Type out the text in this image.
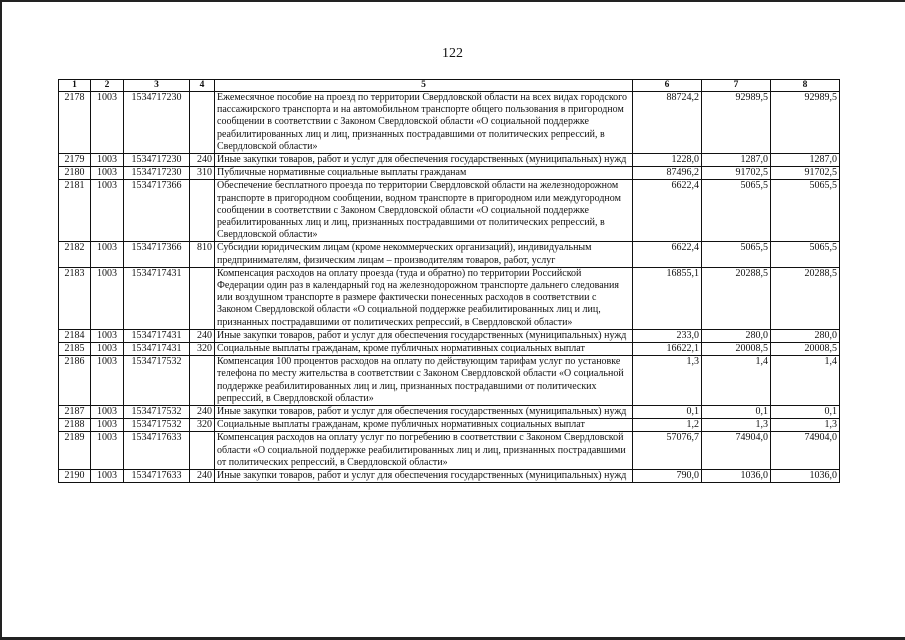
122
1	2	3	4	5	6	7	8
2178	1003	1534717230		Ежемесячное пособие на проезд по территории Свердловской области на всех видах городского пассажирского транспорта и на автомобильном транспорте общего пользования в пригородном сообщении в соответствии с Законом Свердловской области «О социальной поддержке реабилитированных лиц и лиц, признанных пострадавшими от политических репрессий, в Свердловской области»	88724,2	92989,5	92989,5
2179	1003	1534717230	240	Иные закупки товаров, работ и услуг для обеспечения государственных (муниципальных) нужд	1228,0	1287,0	1287,0
2180	1003	1534717230	310	Публичные нормативные социальные выплаты гражданам	87496,2	91702,5	91702,5
2181	1003	1534717366		Обеспечение бесплатного проезда по территории Свердловской области на железнодорожном транспорте в пригородном сообщении, водном транспорте в пригородном или междугородном сообщении в соответствии с Законом Свердловской области «О социальной поддержке реабилитированных лиц и лиц, признанных пострадавшими от политических репрессий, в Свердловской области»	6622,4	5065,5	5065,5
2182	1003	1534717366	810	Субсидии юридическим лицам (кроме некоммерческих организаций), индивидуальным предпринимателям, физическим лицам – производителям товаров, работ, услуг	6622,4	5065,5	5065,5
2183	1003	1534717431		Компенсация расходов на оплату проезда (туда и обратно) по территории Российской Федерации один раз в календарный год на железнодорожном транспорте дальнего следования или воздушном транспорте в размере фактически понесенных расходов в соответствии с Законом Свердловской области «О социальной поддержке реабилитированных лиц и лиц, признанных пострадавшими от политических репрессий, в Свердловской области»	16855,1	20288,5	20288,5
2184	1003	1534717431	240	Иные закупки товаров, работ и услуг для обеспечения государственных (муниципальных) нужд	233,0	280,0	280,0
2185	1003	1534717431	320	Социальные выплаты гражданам, кроме публичных нормативных социальных выплат	16622,1	20008,5	20008,5
2186	1003	1534717532		Компенсация 100 процентов расходов на оплату по действующим тарифам услуг по установке телефона по месту жительства в соответствии с Законом Свердловской области «О социальной поддержке реабилитированных лиц и лиц, признанных пострадавшими от политических репрессий, в Свердловской области»	1,3	1,4	1,4
2187	1003	1534717532	240	Иные закупки товаров, работ и услуг для обеспечения государственных (муниципальных) нужд	0,1	0,1	0,1
2188	1003	1534717532	320	Социальные выплаты гражданам, кроме публичных нормативных социальных выплат	1,2	1,3	1,3
2189	1003	1534717633		Компенсация расходов на оплату услуг по погребению в соответствии с Законом Свердловской области «О социальной поддержке реабилитированных лиц и лиц, признанных пострадавшими от политических репрессий, в Свердловской области»	57076,7	74904,0	74904,0
2190	1003	1534717633	240	Иные закупки товаров, работ и услуг для обеспечения государственных (муниципальных) нужд	790,0	1036,0	1036,0
